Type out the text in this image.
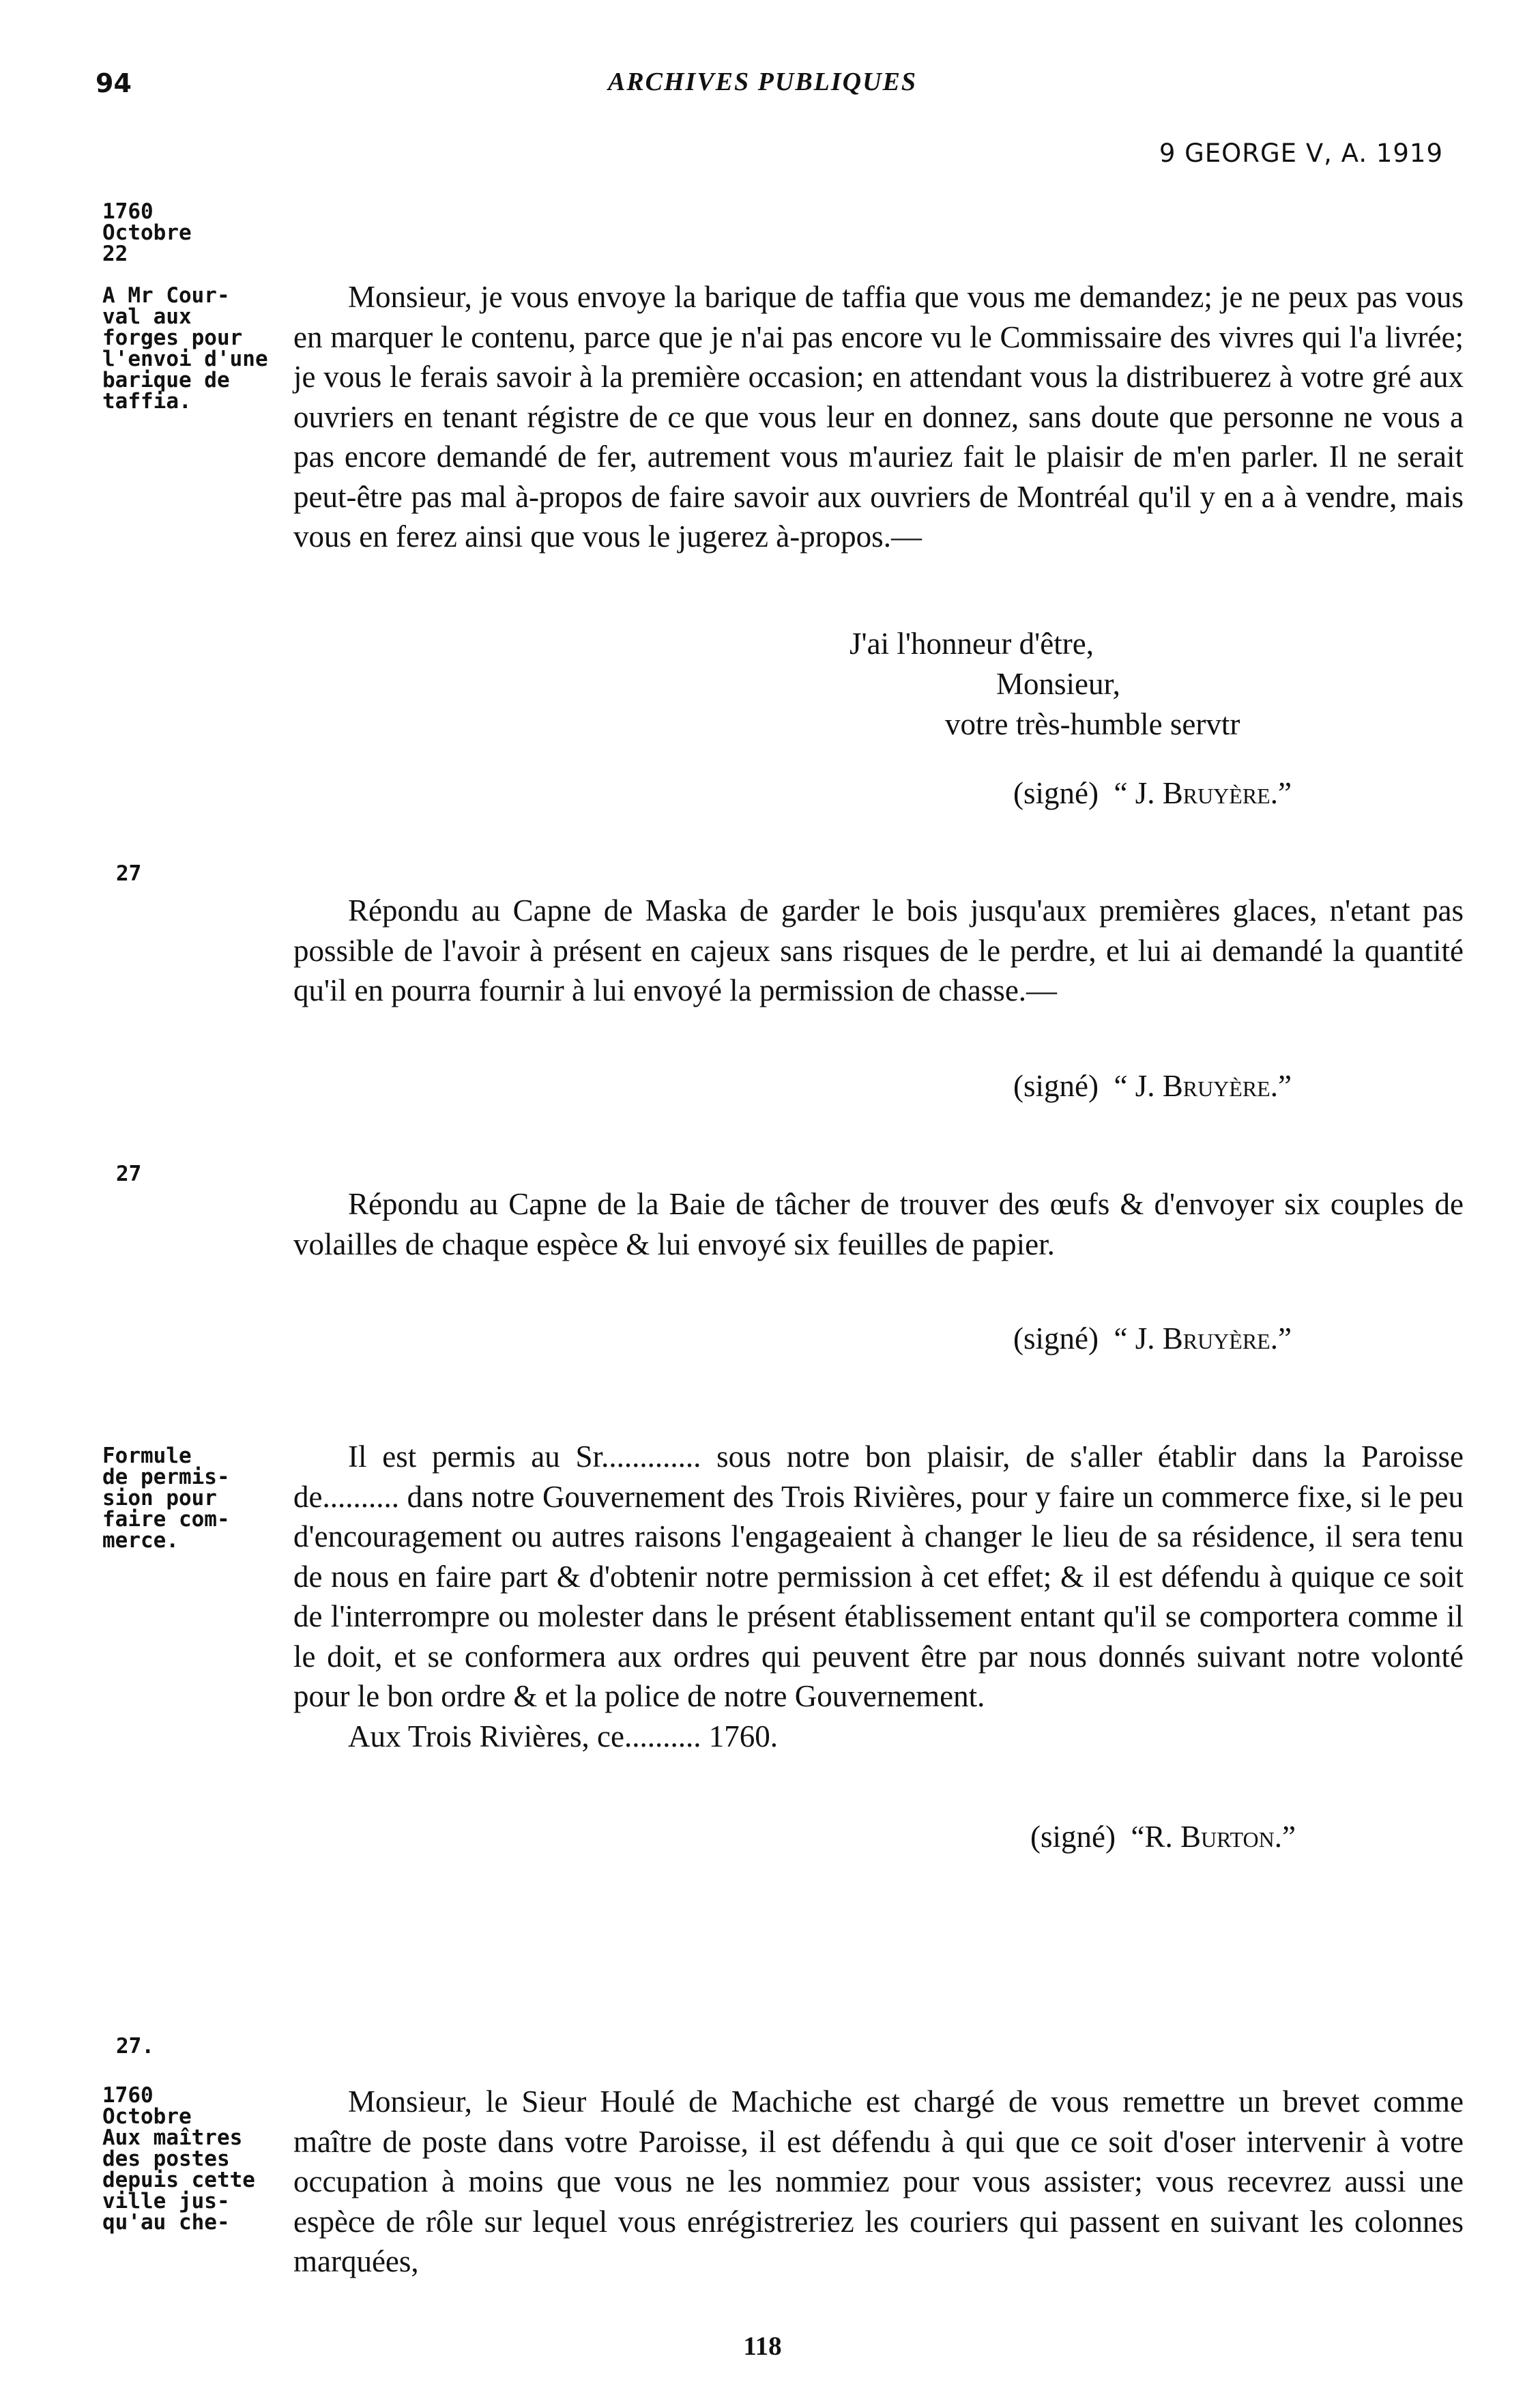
94	ARCHIVES PUBLIQUES
9 GEORGE V, A. 1919
1760
Octobre
22
A Mr Cour-
val aux
forges pour
l'envoi d'une
barique de
taffia.

Monsieur, je vous envoye la barique de taffia que vous me demandez; je ne peux pas vous en marquer le contenu, parce que je n'ai pas encore vu le Commissaire des vivres qui l'a livrée; je vous le ferais savoir à la première occasion; en attendant vous la distribuerez à votre gré aux ouvriers en tenant régistre de ce que vous leur en donnez, sans doute que personne ne vous a pas encore demandé de fer, autrement vous m'auriez fait le plaisir de m'en parler. Il ne serait peut-être pas mal à-propos de faire savoir aux ouvriers de Montréal qu'il y en a à vendre, mais vous en ferez ainsi que vous le jugerez à-propos.—

J'ai l'honneur d'être,
Monsieur,
votre très-humble servtr
(signé) “ J. Bruyère.”
27

Répondu au Capne de Maska de garder le bois jusqu'aux premières glaces, n'etant pas possible de l'avoir à présent en cajeux sans risques de le perdre, et lui ai demandé la quantité qu'il en pourra fournir à lui envoyé la permission de chasse.—

(signé) “ J. Bruyère.”
27

Répondu au Capne de la Baie de tâcher de trouver des œufs & d'envoyer six couples de volailles de chaque espèce & lui envoyé six feuilles de papier.

(signé) “ J. Bruyère.”
Formule
de permis-
sion pour
faire com-
merce.

Il est permis au Sr............. sous notre bon plaisir, de s'aller établir dans la Paroisse de.......... dans notre Gouvernement des Trois Rivières, pour y faire un commerce fixe, si le peu d'encouragement ou autres raisons l'engageaient à changer le lieu de sa résidence, il sera tenu de nous en faire part & d'obtenir notre permission à cet effet; & il est défendu à quique ce soit de l'interrompre ou molester dans le présent établissement entant qu'il se comportera comme il le doit, et se conformera aux ordres qui peuvent être par nous donnés suivant notre volonté pour le bon ordre & et la police de notre Gouvernement.

Aux Trois Rivières, ce.......... 1760.

(signé) “R. Burton.”
27.
1760
Octobre
Aux maîtres
des postes
depuis cette
ville jus-
qu'au che-

Monsieur, le Sieur Houlé de Machiche est chargé de vous remettre un brevet comme maître de poste dans votre Paroisse, il est défendu à qui que ce soit d'oser intervenir à votre occupation à moins que vous ne les nommiez pour vous assister; vous recevrez aussi une espèce de rôle sur lequel vous enrégistreriez les couriers qui passent en suivant les colonnes marquées,

118
